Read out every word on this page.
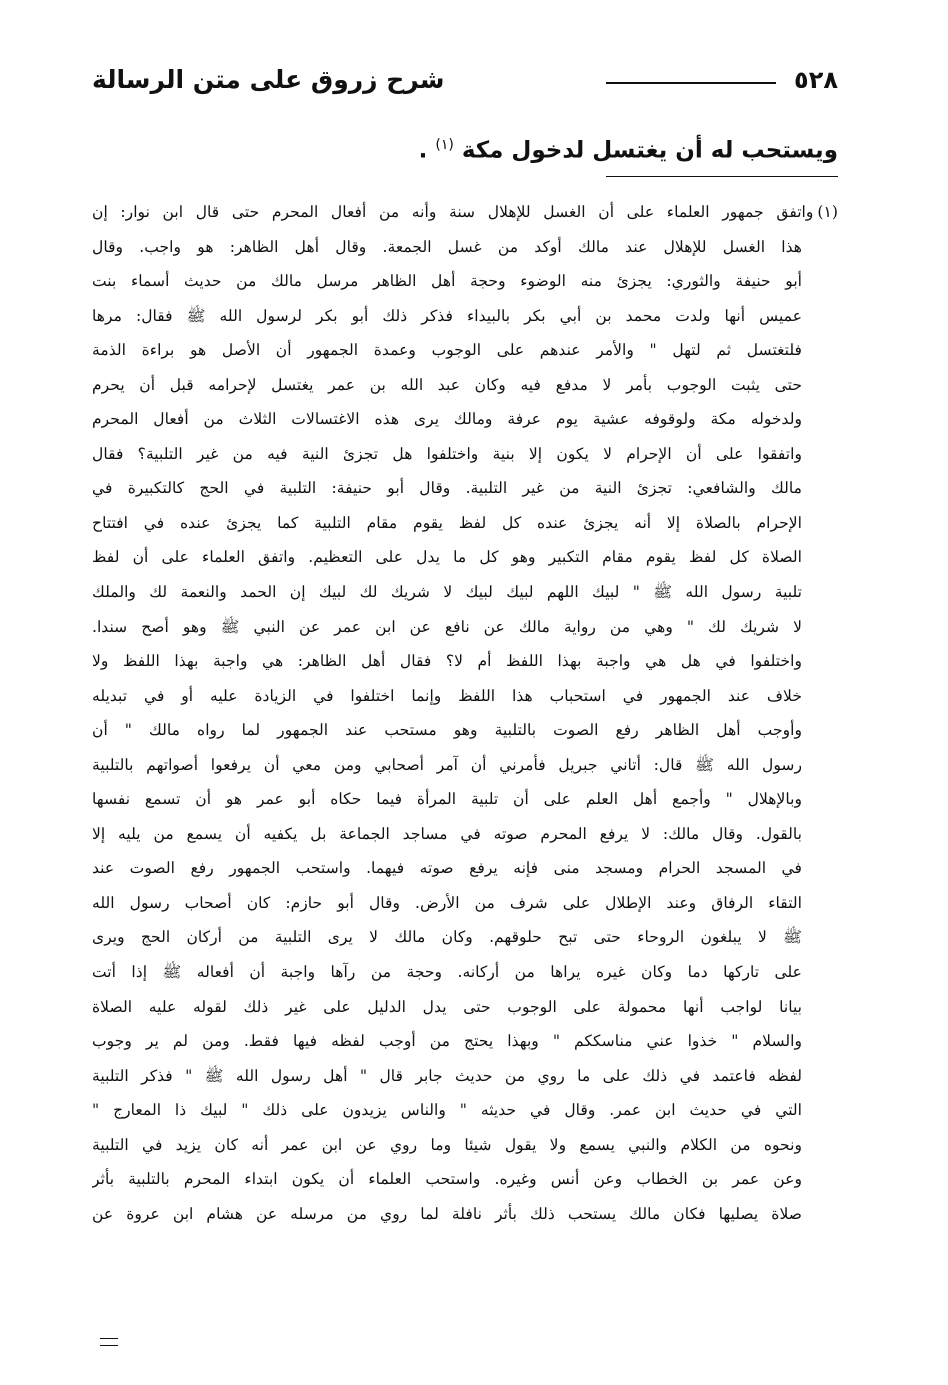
٥٢٨
شرح زروق على متن الرسالة
ويستحب له أن يغتسل لدخول مكة $^{(١)}$ .
(١)واتفق جمهور العلماء على أن الغسل للإهلال سنة وأنه من أفعال المحرم حتى قال ابن نوار: إن
هذا الغسل للإهلال عند مالك أوكد من غسل الجمعة. وقال أهل الظاهر: هو واجب. وقال
أبو حنيفة والثوري: يجزئ منه الوضوء وحجة أهل الظاهر مرسل مالك من حديث أسماء بنت
عميس أنها ولدت محمد بن أبي بكر بالبيداء فذكر ذلك أبو بكر لرسول الله ﷺ فقال: مرها
فلتغتسل ثم لتهل " والأمر عندهم على الوجوب وعمدة الجمهور أن الأصل هو براءة الذمة
حتى يثبت الوجوب بأمر لا مدفع فيه وكان عبد الله بن عمر يغتسل لإحرامه قبل أن يحرم
ولدخوله مكة ولوقوفه عشية يوم عرفة ومالك يرى هذه الاغتسالات الثلاث من أفعال المحرم
واتفقوا على أن الإحرام لا يكون إلا بنية واختلفوا هل تجزئ النية فيه من غير التلبية؟ فقال
مالك والشافعي: تجزئ النية من غير التلبية. وقال أبو حنيفة: التلبية في الحج كالتكبيرة في
الإحرام بالصلاة إلا أنه يجزئ عنده كل لفظ يقوم مقام التلبية كما يجزئ عنده في افتتاح
الصلاة كل لفظ يقوم مقام التكبير وهو كل ما يدل على التعظيم. واتفق العلماء على أن لفظ
تلبية رسول الله ﷺ " لبيك اللهم لبيك لبيك لا شريك لك لبيك إن الحمد والنعمة لك والملك
لا شريك لك " وهي من رواية مالك عن نافع عن ابن عمر عن النبي ﷺ وهو أصح سندا.
واختلفوا في هل هي واجبة بهذا اللفظ أم لا؟ فقال أهل الظاهر: هي واجبة بهذا اللفظ ولا
خلاف عند الجمهور في استحباب هذا اللفظ وإنما اختلفوا في الزيادة عليه أو في تبديله
وأوجب أهل الظاهر رفع الصوت بالتلبية وهو مستحب عند الجمهور لما رواه مالك " أن
رسول الله ﷺ قال: أتاني جبريل فأمرني أن آمر أصحابي ومن معي أن يرفعوا أصواتهم بالتلبية
وبالإهلال " وأجمع أهل العلم على أن تلبية المرأة فيما حكاه أبو عمر هو أن تسمع نفسها
بالقول. وقال مالك: لا يرفع المحرم صوته في مساجد الجماعة بل يكفيه أن يسمع من يليه إلا
في المسجد الحرام ومسجد منى فإنه يرفع صوته فيهما. واستحب الجمهور رفع الصوت عند
التقاء الرفاق وعند الإطلال على شرف من الأرض. وقال أبو حازم: كان أصحاب رسول الله
ﷺ لا يبلغون الروحاء حتى تبح حلوقهم. وكان مالك لا يرى التلبية من أركان الحج ويرى
على تاركها دما وكان غيره يراها من أركانه. وحجة من رآها واجبة أن أفعاله ﷺ إذا أتت
بيانا لواجب أنها محمولة على الوجوب حتى يدل الدليل على غير ذلك لقوله عليه الصلاة
والسلام " خذوا عني مناسككم " وبهذا يحتج من أوجب لفظه فيها فقط. ومن لم ير وجوب
لفظه فاعتمد في ذلك على ما روي من حديث جابر قال " أهل رسول الله ﷺ " فذكر التلبية
التي في حديث ابن عمر. وقال في حديثه " والناس يزيدون على ذلك " لبيك ذا المعارج "
ونحوه من الكلام والنبي يسمع ولا يقول شيئا وما روي عن ابن عمر أنه كان يزيد في التلبية
وعن عمر بن الخطاب وعن أنس وغيره. واستحب العلماء أن يكون ابتداء المحرم بالتلبية بأثر
صلاة يصليها فكان مالك يستحب ذلك بأثر نافلة لما روي من مرسله عن هشام ابن عروة عن
